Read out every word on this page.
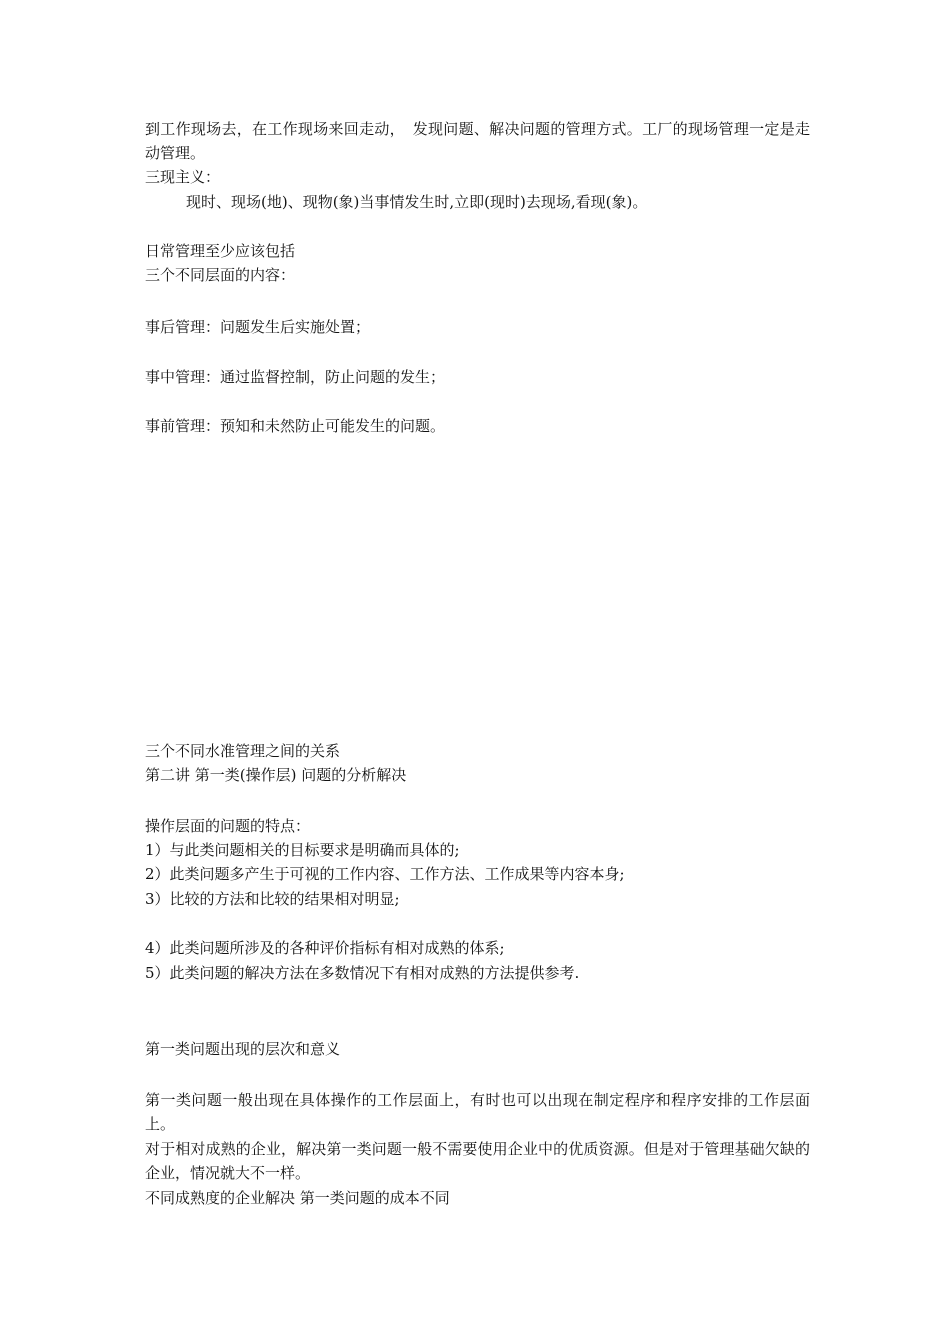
到工作现场去，在工作现场来回走动，　发现问题、解决问题的管理方式。工厂的现场管理一定是走动管理。
三现主义：
现时、现场(地)、现物(象)当事情发生时,立即(现时)去现场,看现(象)。
日常管理至少应该包括
三个不同层面的内容：
事后管理：问题发生后实施处置；
事中管理：通过监督控制，防止问题的发生；
事前管理：预知和未然防止可能发生的问题。
三个不同水准管理之间的关系
第二讲 第一类(操作层) 问题的分析解决
操作层面的问题的特点：
1）与此类问题相关的目标要求是明确而具体的;
2）此类问题多产生于可视的工作内容、工作方法、工作成果等内容本身;
3）比较的方法和比较的结果相对明显;
4）此类问题所涉及的各种评价指标有相对成熟的体系;
5）此类问题的解决方法在多数情况下有相对成熟的方法提供参考.
第一类问题出现的层次和意义
第一类问题一般出现在具体操作的工作层面上，有时也可以出现在制定程序和程序安排的工作层面上。
对于相对成熟的企业，解决第一类问题一般不需要使用企业中的优质资源。但是对于管理基础欠缺的企业，情况就大不一样。
不同成熟度的企业解决 第一类问题的成本不同
